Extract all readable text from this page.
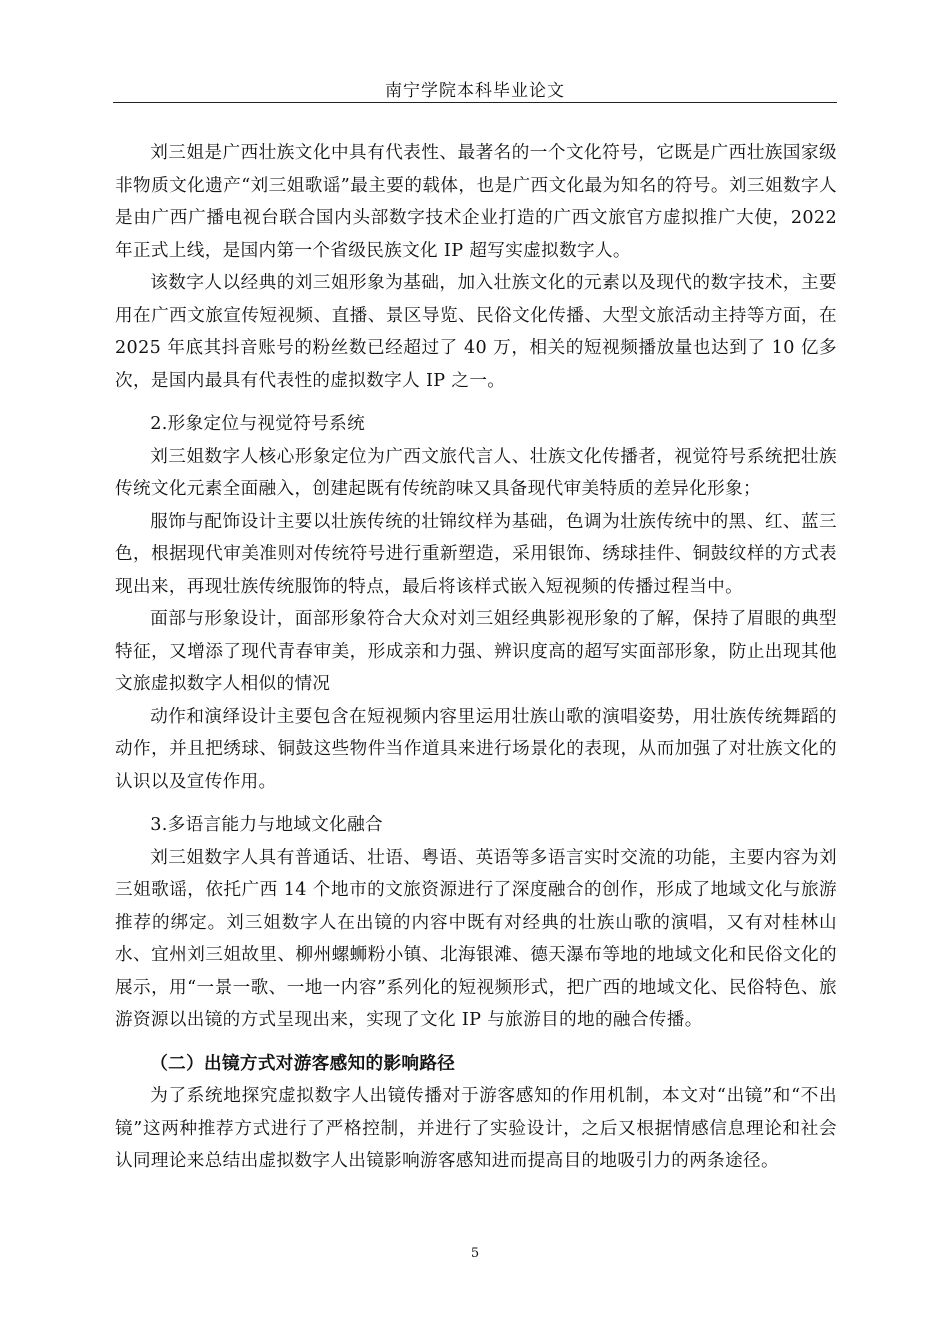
南宁学院本科毕业论文

刘三姐是广西壮族文化中具有代表性、最著名的一个文化符号，它既是广西壮族国家级非物质文化遗产“刘三姐歌谣”最主要的载体，也是广西文化最为知名的符号。刘三姐数字人是由广西广播电视台联合国内头部数字技术企业打造的广西文旅官方虚拟推广大使，2022 年正式上线，是国内第一个省级民族文化 IP 超写实虚拟数字人。

该数字人以经典的刘三姐形象为基础，加入壮族文化的元素以及现代的数字技术，主要用在广西文旅宣传短视频、直播、景区导览、民俗文化传播、大型文旅活动主持等方面，在 2025 年底其抖音账号的粉丝数已经超过了 40 万，相关的短视频播放量也达到了 10 亿多次，是国内最具有代表性的虚拟数字人 IP 之一。

2.形象定位与视觉符号系统

刘三姐数字人核心形象定位为广西文旅代言人、壮族文化传播者，视觉符号系统把壮族传统文化元素全面融入，创建起既有传统韵味又具备现代审美特质的差异化形象；

服饰与配饰设计主要以壮族传统的壮锦纹样为基础，色调为壮族传统中的黑、红、蓝三色，根据现代审美准则对传统符号进行重新塑造，采用银饰、绣球挂件、铜鼓纹样的方式表现出来，再现壮族传统服饰的特点，最后将该样式嵌入短视频的传播过程当中。

面部与形象设计，面部形象符合大众对刘三姐经典影视形象的了解，保持了眉眼的典型特征，又增添了现代青春审美，形成亲和力强、辨识度高的超写实面部形象，防止出现其他文旅虚拟数字人相似的情况

动作和演绎设计主要包含在短视频内容里运用壮族山歌的演唱姿势，用壮族传统舞蹈的动作，并且把绣球、铜鼓这些物件当作道具来进行场景化的表现，从而加强了对壮族文化的认识以及宣传作用。

3.多语言能力与地域文化融合

刘三姐数字人具有普通话、壮语、粤语、英语等多语言实时交流的功能，主要内容为刘三姐歌谣，依托广西 14 个地市的文旅资源进行了深度融合的创作，形成了地域文化与旅游推荐的绑定。刘三姐数字人在出镜的内容中既有对经典的壮族山歌的演唱，又有对桂林山水、宜州刘三姐故里、柳州螺蛳粉小镇、北海银滩、德天瀑布等地的地域文化和民俗文化的展示，用“一景一歌、一地一内容”系列化的短视频形式，把广西的地域文化、民俗特色、旅游资源以出镜的方式呈现出来，实现了文化 IP 与旅游目的地的融合传播。

（二）出镜方式对游客感知的影响路径

为了系统地探究虚拟数字人出镜传播对于游客感知的作用机制，本文对“出镜”和“不出镜”这两种推荐方式进行了严格控制，并进行了实验设计，之后又根据情感信息理论和社会认同理论来总结出虚拟数字人出镜影响游客感知进而提高目的地吸引力的两条途径。

5
